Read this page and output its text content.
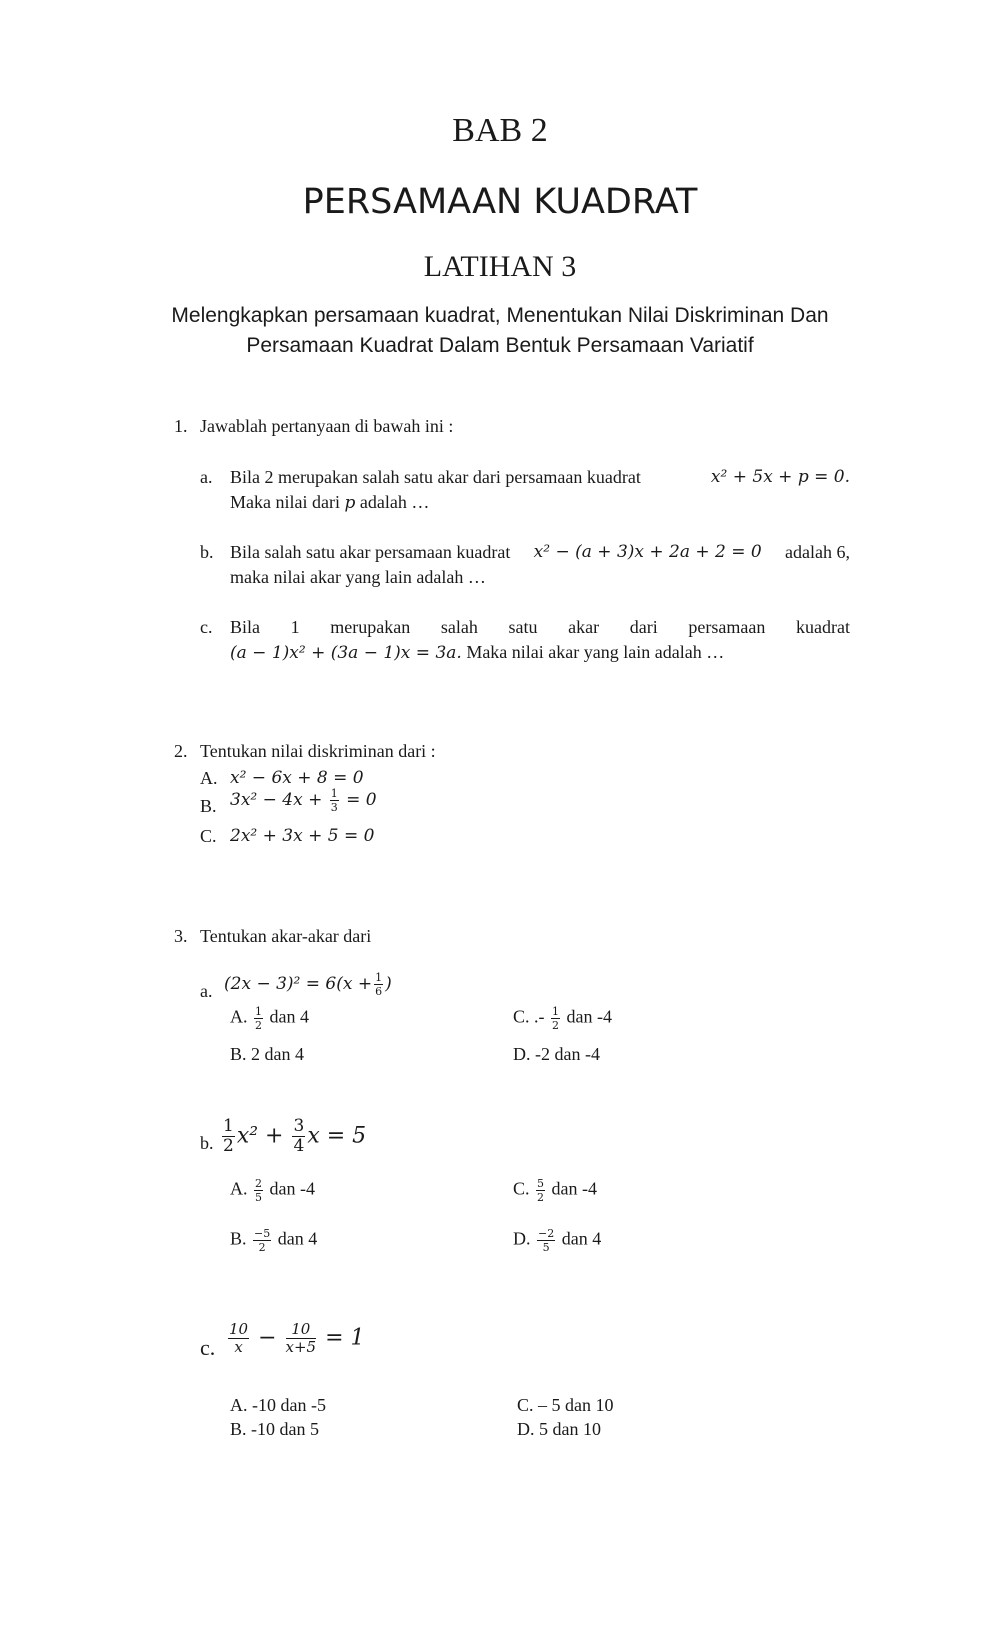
BAB 2
PERSAMAAN KUADRAT
LATIHAN 3
Melengkapkan persamaan kuadrat, Menentukan Nilai Diskriminan Dan
Persamaan Kuadrat Dalam Bentuk Persamaan Variatif
1. Jawablah pertanyaan di bawah ini :
a. Bila 2 merupakan salah satu akar dari persamaan kuadrat	x² + 5x + p = 0.
Maka nilai dari p adalah …
b. Bila salah satu akar persamaan kuadrat x² − (a + 3)x + 2a + 2 = 0 adalah 6,
maka nilai akar yang lain adalah …
c. Bila 1 merupakan salah satu akar dari persamaan kuadrat
(a − 1)x² + (3a − 1)x = 3a. Maka nilai akar yang lain adalah …
2. Tentukan nilai diskriminan dari :
A. x² − 6x + 8 = 0
B. $3x^2 - 4x + \frac{1}{3} = 0$
C. 2x² + 3x + 5 = 0
3. Tentukan akar-akar dari
a. $(2x - 3)^2 = 6(x + \frac{1}{6}$ )
A. $\frac{1}{2}$ dan 4	C. .- $\frac{1}{2}$ dan -4
B. 2 dan 4	D. -2 dan -4
b. $\frac{1}{2} x^2 + \frac{3}{4}$ x = 5
A. $\frac{2}{5}$ dan -4	C. $\frac{5}{2}$ dan -4
B. $\frac{-5}{2}$ dan 4	D. $\frac{-2}{5}$ dan 4
c. $\frac{10}{x} - \frac{10}{x+5} = 1$
A. -10 dan -5	C. – 5 dan 10
B. -10 dan 5	D. 5 dan 10
